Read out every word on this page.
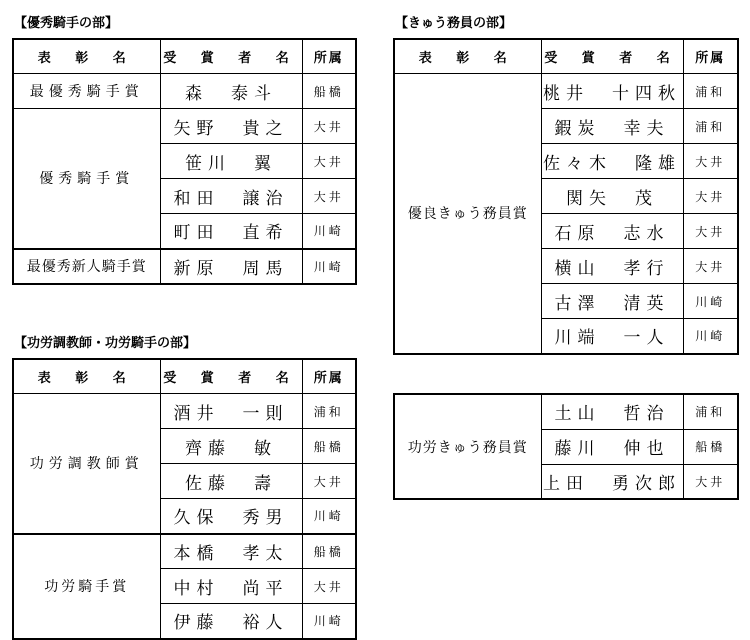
【優秀騎手の部】
表 彰 名	受 賞 者 名	所属
最優秀騎手賞	森　泰斗	船橋
優秀騎手賞	矢野　貴之	大井
	笹川　翼	大井
	和田　譲治	大井
	町田　直希	川崎
最優秀新人騎手賞	新原　周馬	川崎
【功労調教師・功労騎手の部】
表 彰 名	受 賞 者 名	所属
功労調教師賞	酒井　一則	浦和
	齊藤　敏	船橋
	佐藤　壽	大井
	久保　秀男	川崎
功労騎手賞	本橋　孝太	船橋
	中村　尚平	大井
	伊藤　裕人	川崎
【きゅう務員の部】
表 彰 名	受 賞 者 名	所属
優良きゅう務員賞	桃井　十四秋	浦和
	鍜炭　幸夫	浦和
	佐々木　隆雄	大井
	関矢　茂	大井
	石原　志水	大井
	横山　孝行	大井
	古澤　清英	川崎
	川端　一人	川崎
功労きゅう務員賞	土山　哲治	浦和
	藤川　伸也	船橋
	上田　勇次郎	大井
